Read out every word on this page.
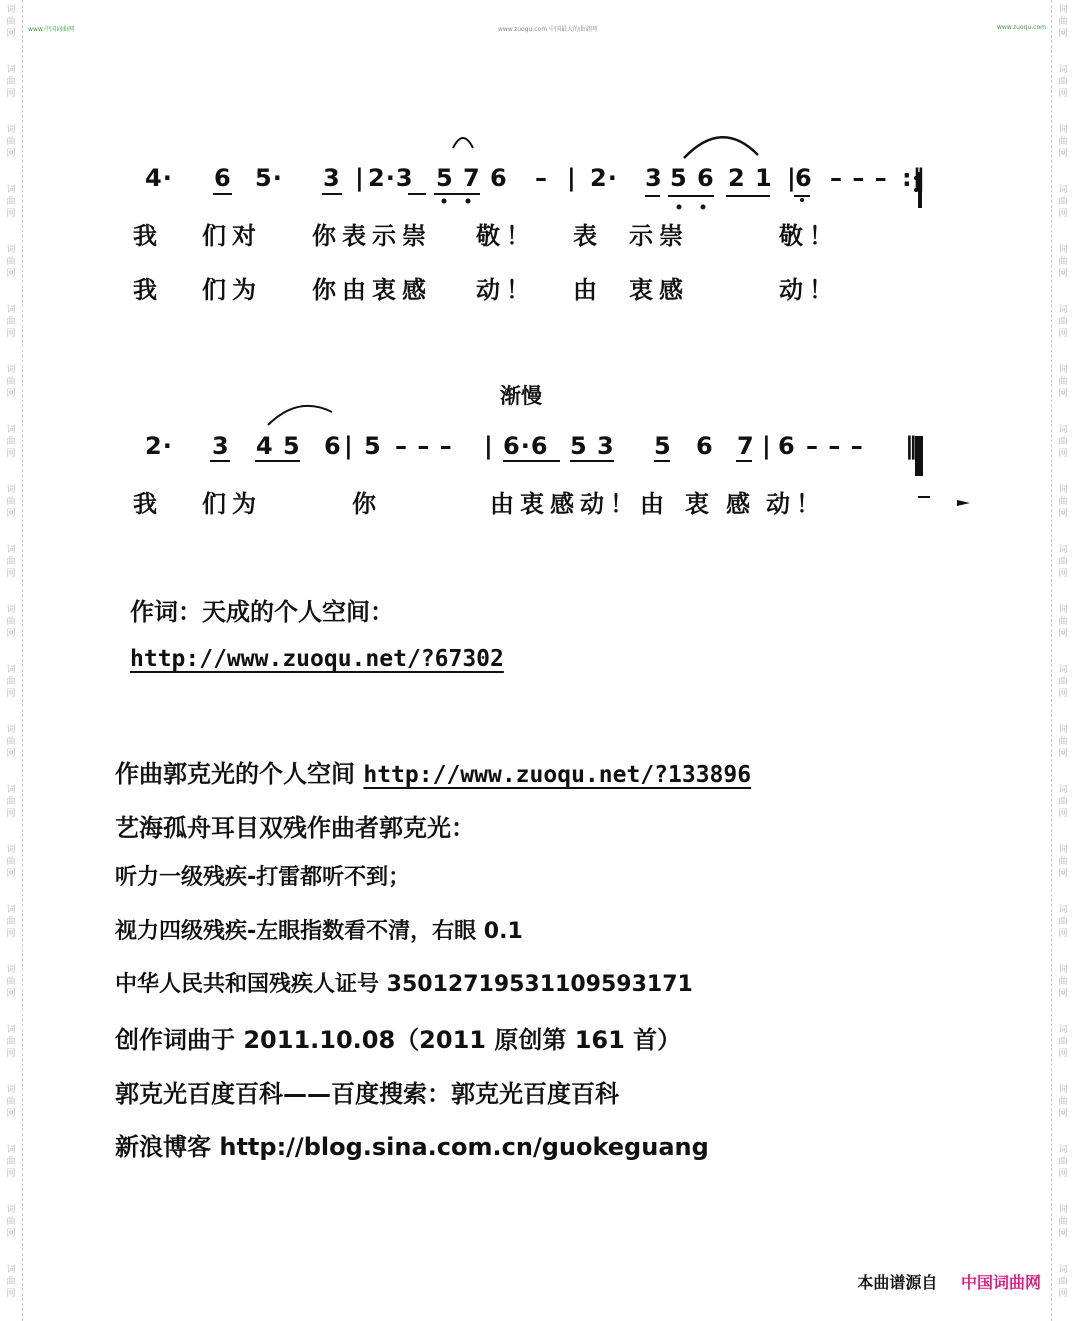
词
曲
网
词
曲
网
词
曲
网
词
曲
网
词
曲
网
词
曲
网
词
曲
网
词
曲
网
词
曲
网
词
曲
网
词
曲
网
词
曲
网
词
曲
网
词
曲
网
词
曲
网
词
曲
网
词
曲
网
词
曲
网
词
曲
网
词
曲
网
词
曲
网
词
曲
网
词
曲
网
词
曲
网
词
曲
网
词
曲
网
词
曲
网
词
曲
网
词
曲
网
词
曲
网
词
曲
网
词
曲
网
词
曲
网
词
曲
网
词
曲
网
词
曲
网
词
曲
网
词
曲
网
词
曲
网
词
曲
网
词
曲
网
词
曲
网
词
曲
网
词
曲
网
www.中国词曲网	www.zuoqu.com 中国最大的曲谱网	www.zuoqu.com
4· 6 5· 3 | 2·3 5 7 6 – | 2· 3 5 6 2 1 |
6 – – – :‖
我 们对 你表示崇 敬！ 表 示崇	敬！
我 们为 你由衷感 动！ 由 衷感	动！
渐慢
2· 3 4 5 6 | 5 – – – | 6·6 5 3 5 6 7 | 6 – – – ‖
我 们为	你	由衷感动！由 衷 感 动！
作词：天成的个人空间：
http://www.zuoqu.net/?67302
作曲郭克光的个人空间 http://www.zuoqu.net/?133896
艺海孤舟耳目双残作曲者郭克光：
听力一级残疾-打雷都听不到；
视力四级残疾-左眼指数看不清，右眼 0.1
中华人民共和国残疾人证号 35012719531109593171
创作词曲于 2011.10.08（2011 原创第 161 首）
郭克光百度百科——百度搜索：郭克光百度百科
新浪博客 http://blog.sina.com.cn/guokeguang
本曲谱源自 中国词曲网
